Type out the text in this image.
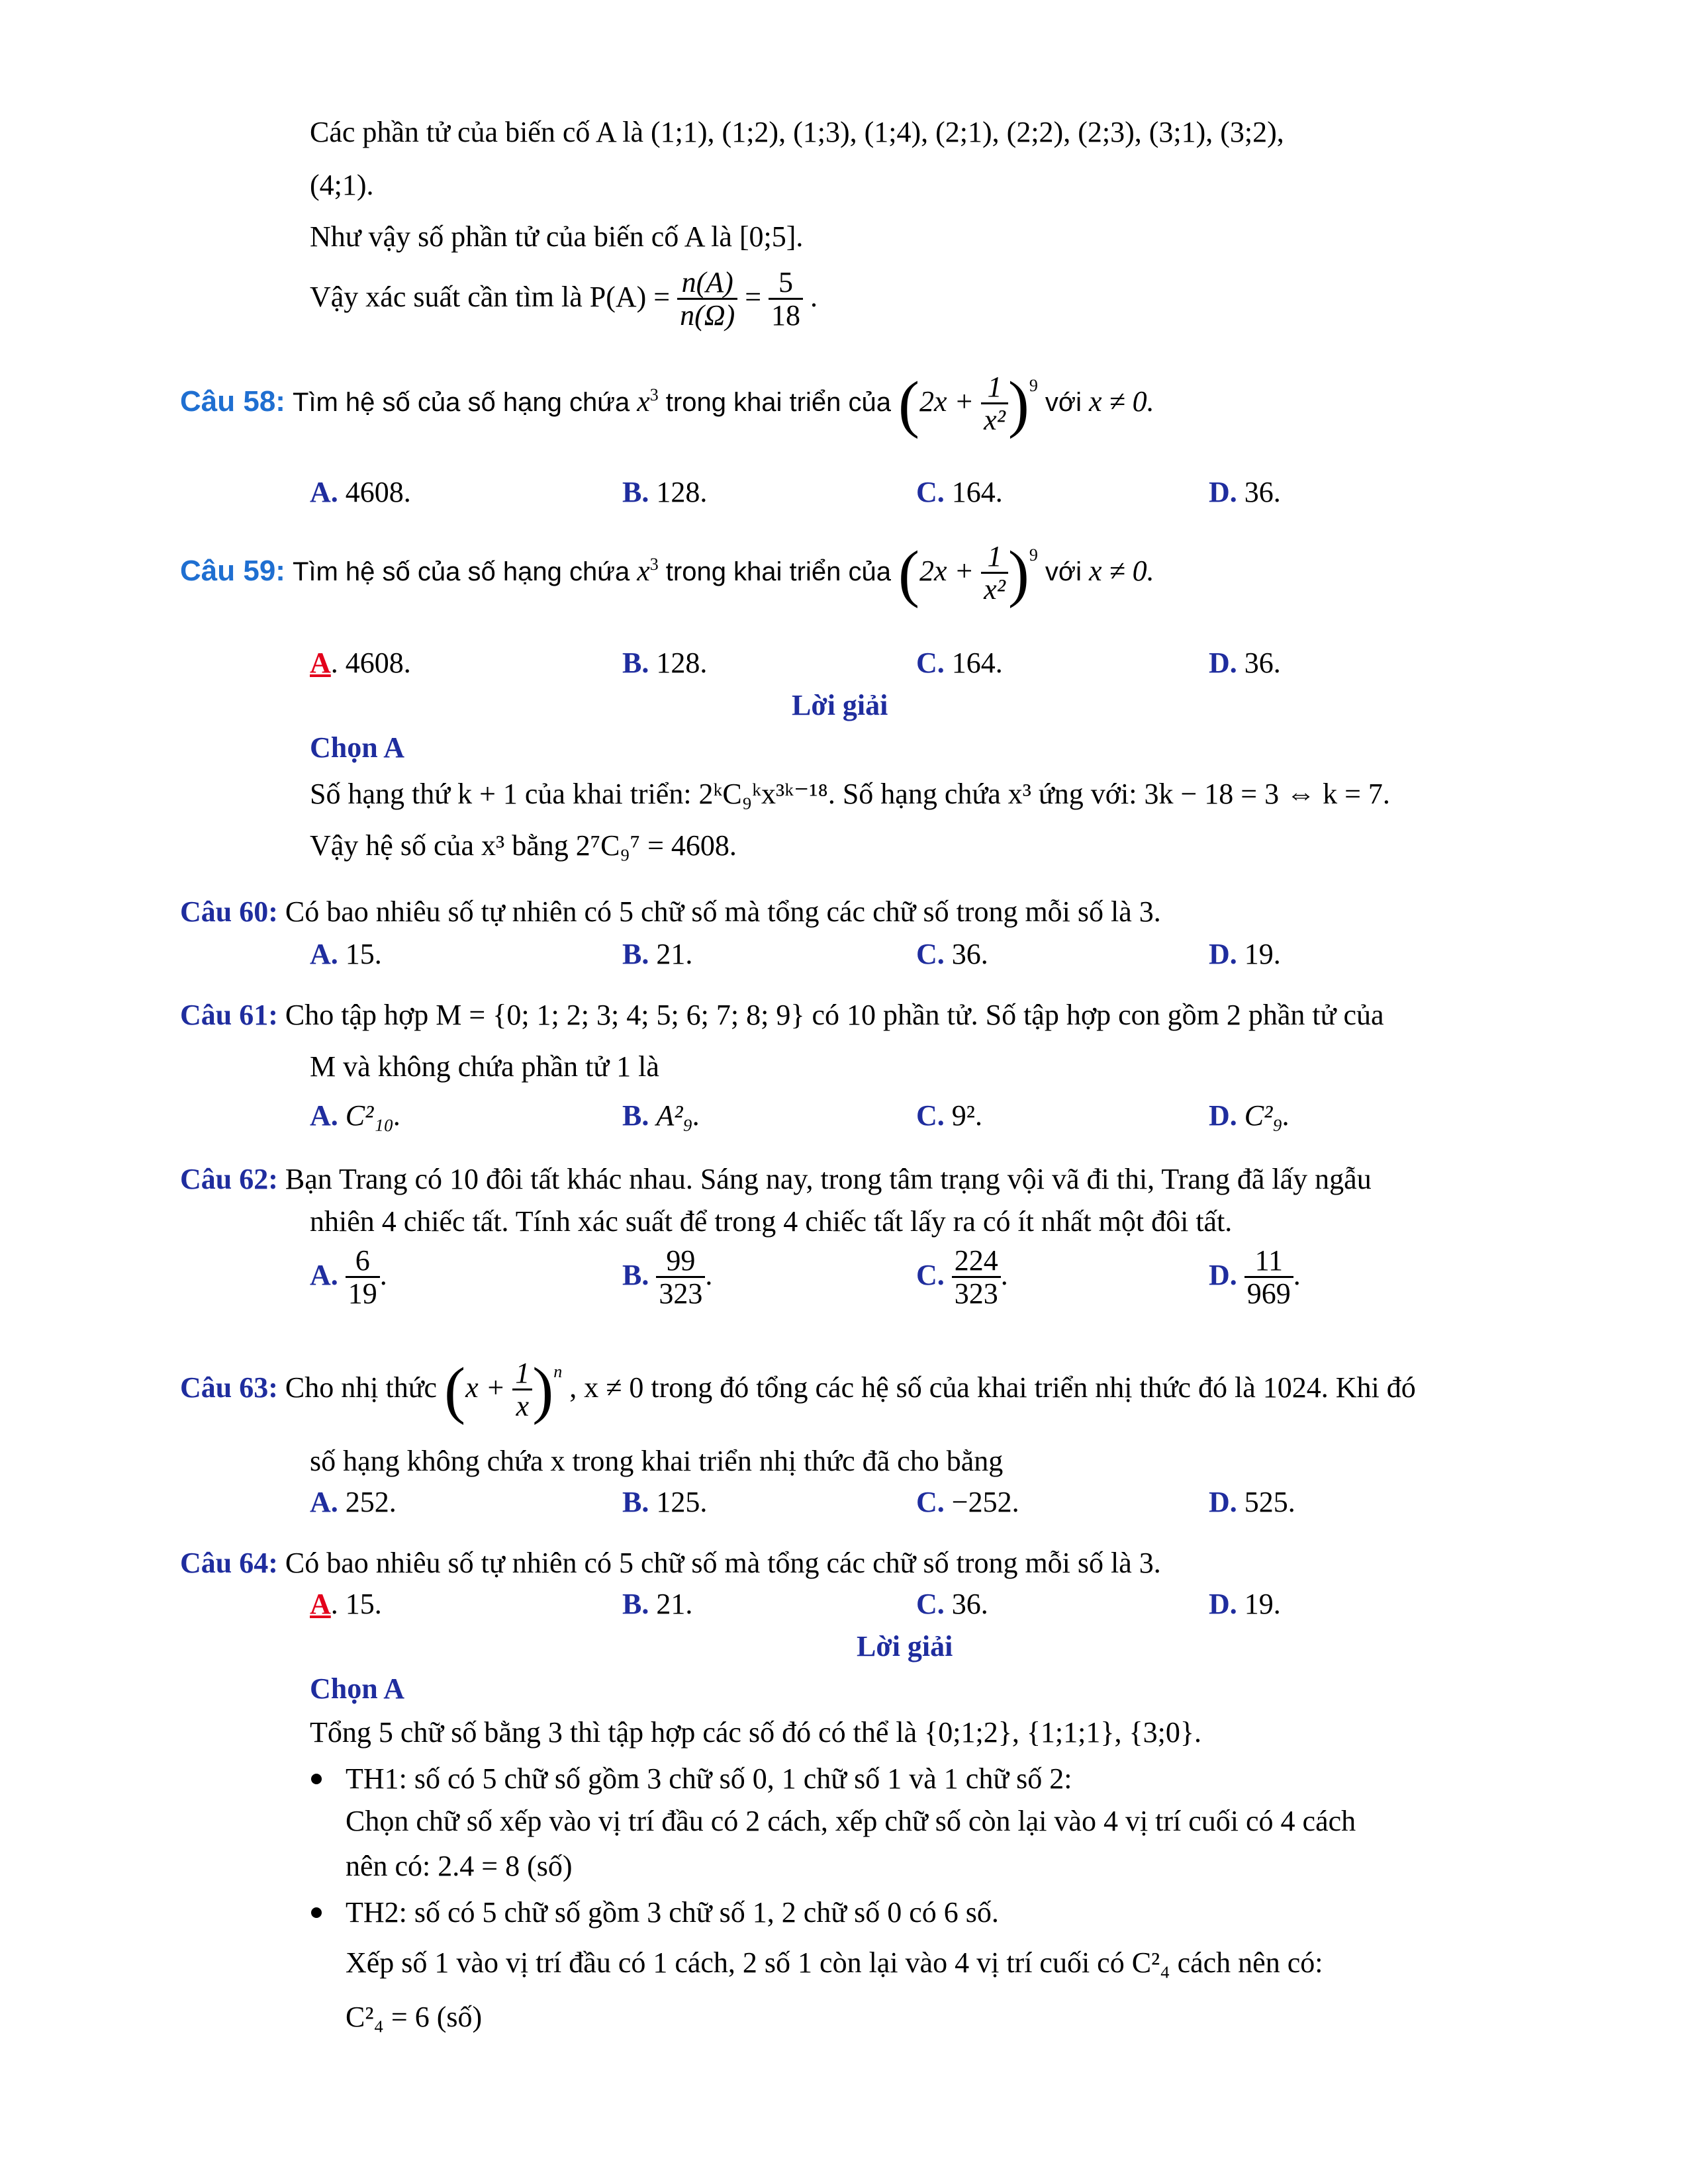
Các phần tử của biến cố A là (1;1), (1;2), (1;3), (1;4), (2;1), (2;2), (2;3), (3;1), (3;2),
(4;1).
Như vậy số phần tử của biến cố A là [0;5].
Vậy xác suất cần tìm là $P(A) = \frac{n(A)}{n(\Omega)} = \frac{5}{18}$ .
Câu 58: Tìm hệ số của số hạng chứa $x^3$ trong khai triển của $(2x + \frac{1}{\text{x²}} )^9$ với x ≠ 0.
A. 4608.	B. 128.	C. 164.	D. 36.
Câu 59: Tìm hệ số của số hạng chứa $x^3$ trong khai triển của $(2x + \frac{1}{\text{x²}} )^9$ với x ≠ 0.
A. 4608.	B. 128.	C. 164.	D. 36.
Lời giải
Chọn A
Số hạng thứ k + 1 của khai triển: 2ᵏC₉ᵏx³ᵏ⁻¹⁸. Số hạng chứa x³ ứng với: 3k − 18 = 3 ⇔ k = 7.
Vậy hệ số của x³ bằng 2⁷C₉⁷ = 4608.
Câu 60: Có bao nhiêu số tự nhiên có 5 chữ số mà tổng các chữ số trong mỗi số là 3.
A. 15.	B. 21.	C. 36.	D. 19.
Câu 61: Cho tập hợp M = {0; 1; 2; 3; 4; 5; 6; 7; 8; 9} có 10 phần tử. Số tập hợp con gồm 2 phần tử của
M và không chứa phần tử 1 là
A. C²₁₀.	B. A²₉.	C. 9².	D. C²₉.
Câu 62: Bạn Trang có 10 đôi tất khác nhau. Sáng nay, trong tâm trạng vội vã đi thi, Trang đã lấy ngẫu
nhiên 4 chiếc tất. Tính xác suất để trong 4 chiếc tất lấy ra có ít nhất một đôi tất.
A. $\frac{6}{19}$ .	B. $\frac{99}{323}$ .	C. $\frac{224}{323}$ .	D. $\frac{11}{969}$ .
Câu 63: Cho nhị thức $(x + \frac{1}{x} )^n$ , x ≠ 0 trong đó tổng các hệ số của khai triển nhị thức đó là 1024. Khi đó
số hạng không chứa x trong khai triển nhị thức đã cho bằng
A. 252.	B. 125.	C. −252.	D. 525.
Câu 64: Có bao nhiêu số tự nhiên có 5 chữ số mà tổng các chữ số trong mỗi số là 3.
A. 15.	B. 21.	C. 36.	D. 19.
Lời giải
Chọn A
Tổng 5 chữ số bằng 3 thì tập hợp các số đó có thể là {0;1;2}, {1;1;1}, {3;0}.
TH1: số có 5 chữ số gồm 3 chữ số 0, 1 chữ số 1 và 1 chữ số 2:
Chọn chữ số xếp vào vị trí đầu có 2 cách, xếp chữ số còn lại vào 4 vị trí cuối có 4 cách
nên có: 2.4 = 8 (số)
TH2: số có 5 chữ số gồm 3 chữ số 1, 2 chữ số 0 có 6 số.
Xếp số 1 vào vị trí đầu có 1 cách, 2 số 1 còn lại vào 4 vị trí cuối có C²₄ cách nên có:
C²₄ = 6 (số)
